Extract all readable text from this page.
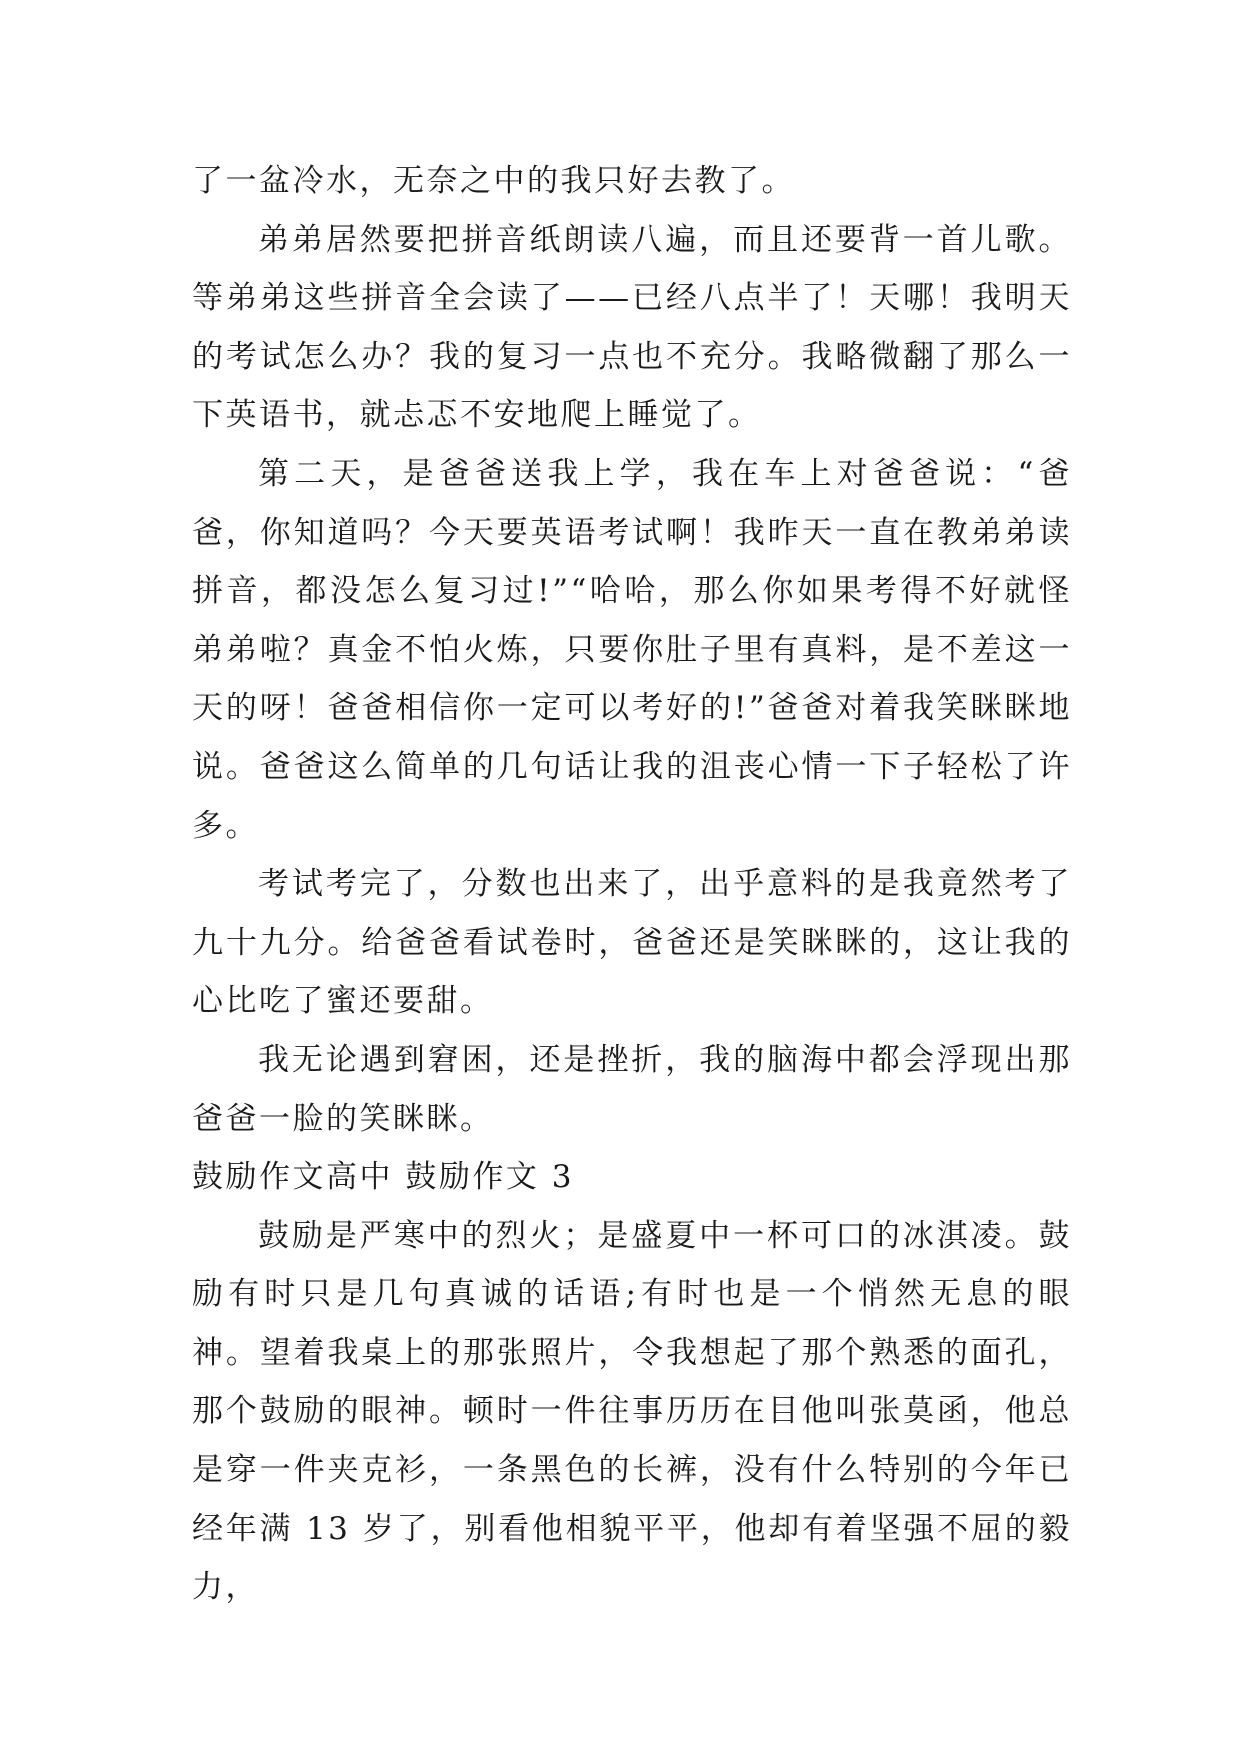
了一盆冷水，无奈之中的我只好去教了。

弟弟居然要把拼音纸朗读八遍，而且还要背一首儿歌。等弟弟这些拼音全会读了——已经八点半了！天哪！我明天的考试怎么办？我的复习一点也不充分。我略微翻了那么一下英语书，就忐忑不安地爬上睡觉了。

第二天，是爸爸送我上学，我在车上对爸爸说：“爸爸，你知道吗？今天要英语考试啊！我昨天一直在教弟弟读拼音，都没怎么复习过!”“哈哈，那么你如果考得不好就怪弟弟啦？真金不怕火炼，只要你肚子里有真料，是不差这一天的呀！爸爸相信你一定可以考好的!”爸爸对着我笑眯眯地说。爸爸这么简单的几句话让我的沮丧心情一下子轻松了许多。

考试考完了，分数也出来了，出乎意料的是我竟然考了九十九分。给爸爸看试卷时，爸爸还是笑眯眯的，这让我的心比吃了蜜还要甜。

我无论遇到窘困，还是挫折，我的脑海中都会浮现出那爸爸一脸的笑眯眯。

鼓励作文高中 鼓励作文 3

鼓励是严寒中的烈火；是盛夏中一杯可口的冰淇凌。鼓励有时只是几句真诚的话语;有时也是一个悄然无息的眼神。望着我桌上的那张照片，令我想起了那个熟悉的面孔，那个鼓励的眼神。顿时一件往事历历在目他叫张莫函，他总是穿一件夹克衫，一条黑色的长裤，没有什么特别的今年已经年满 13 岁了，别看他相貌平平，他却有着坚强不屈的毅力，
